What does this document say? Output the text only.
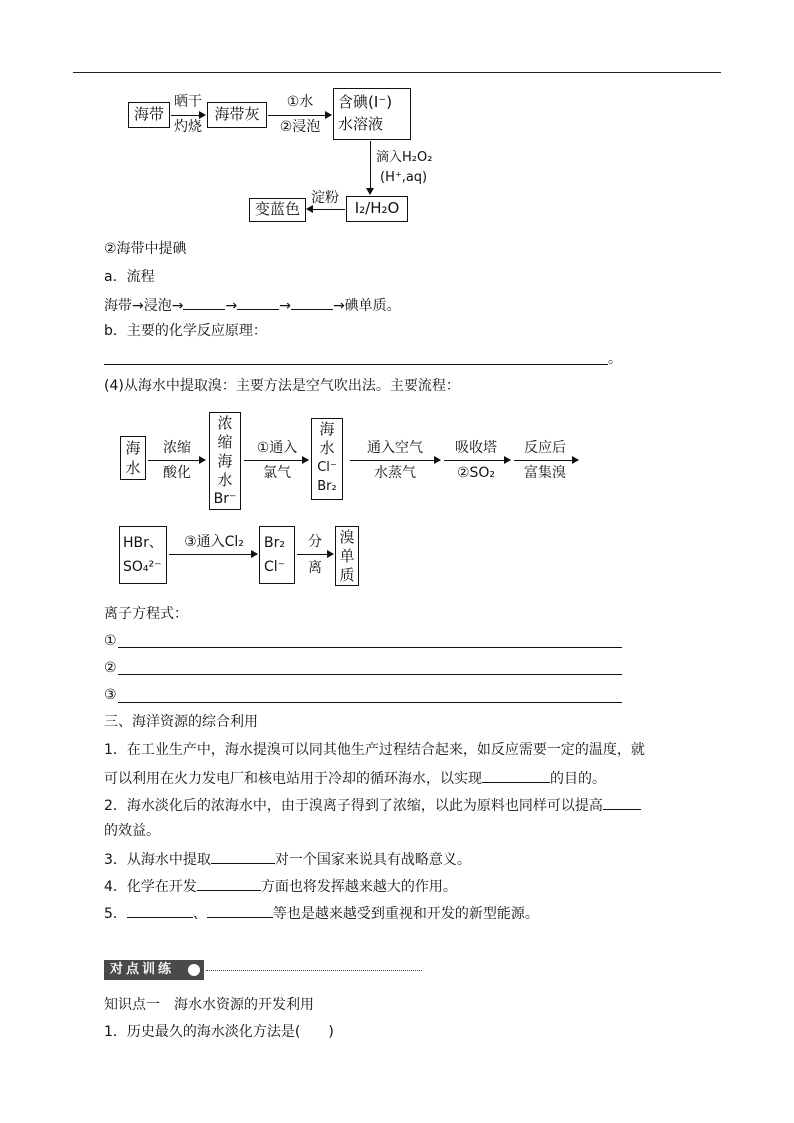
海带
晒干
灼烧
海带灰
①水
②浸泡
含碘(I⁻)
水溶液
滴入H₂O₂
(H⁺,aq)
I₂/H₂O
淀粉
变蓝色
②海带中提碘
a．流程
海带→浸泡→	→	→	→碘单质。
b．主要的化学反应原理：
。
(4)从海水中提取溴：主要方法是空气吹出法。主要流程：
海
水
浓缩
酸化
浓
缩
海
水
Br⁻
①通入
氯气
海
水
Cl⁻
Br₂
通入空气
水蒸气
吸收塔
②SO₂
反应后
富集溴
HBr、
SO₄²⁻
③通入Cl₂	Br₂
Cl⁻
分
离
溴
单
质
离子方程式：
①
②
③
三、海洋资源的综合利用
1．在工业生产中，海水提溴可以同其他生产过程结合起来，如反应需要一定的温度，就
可以利用在火力发电厂和核电站用于冷却的循环海水，以实现	的目的。
2．海水淡化后的浓海水中，由于溴离子得到了浓缩，以此为原料也同样可以提高
的效益。
3．从海水中提取	对一个国家来说具有战略意义。
4．化学在开发	方面也将发挥越来越大的作用。
5．	、	等也是越来越受到重视和开发的新型能源。
对点训练
知识点一　海水水资源的开发利用
1．历史最久的海水淡化方法是(　　)
